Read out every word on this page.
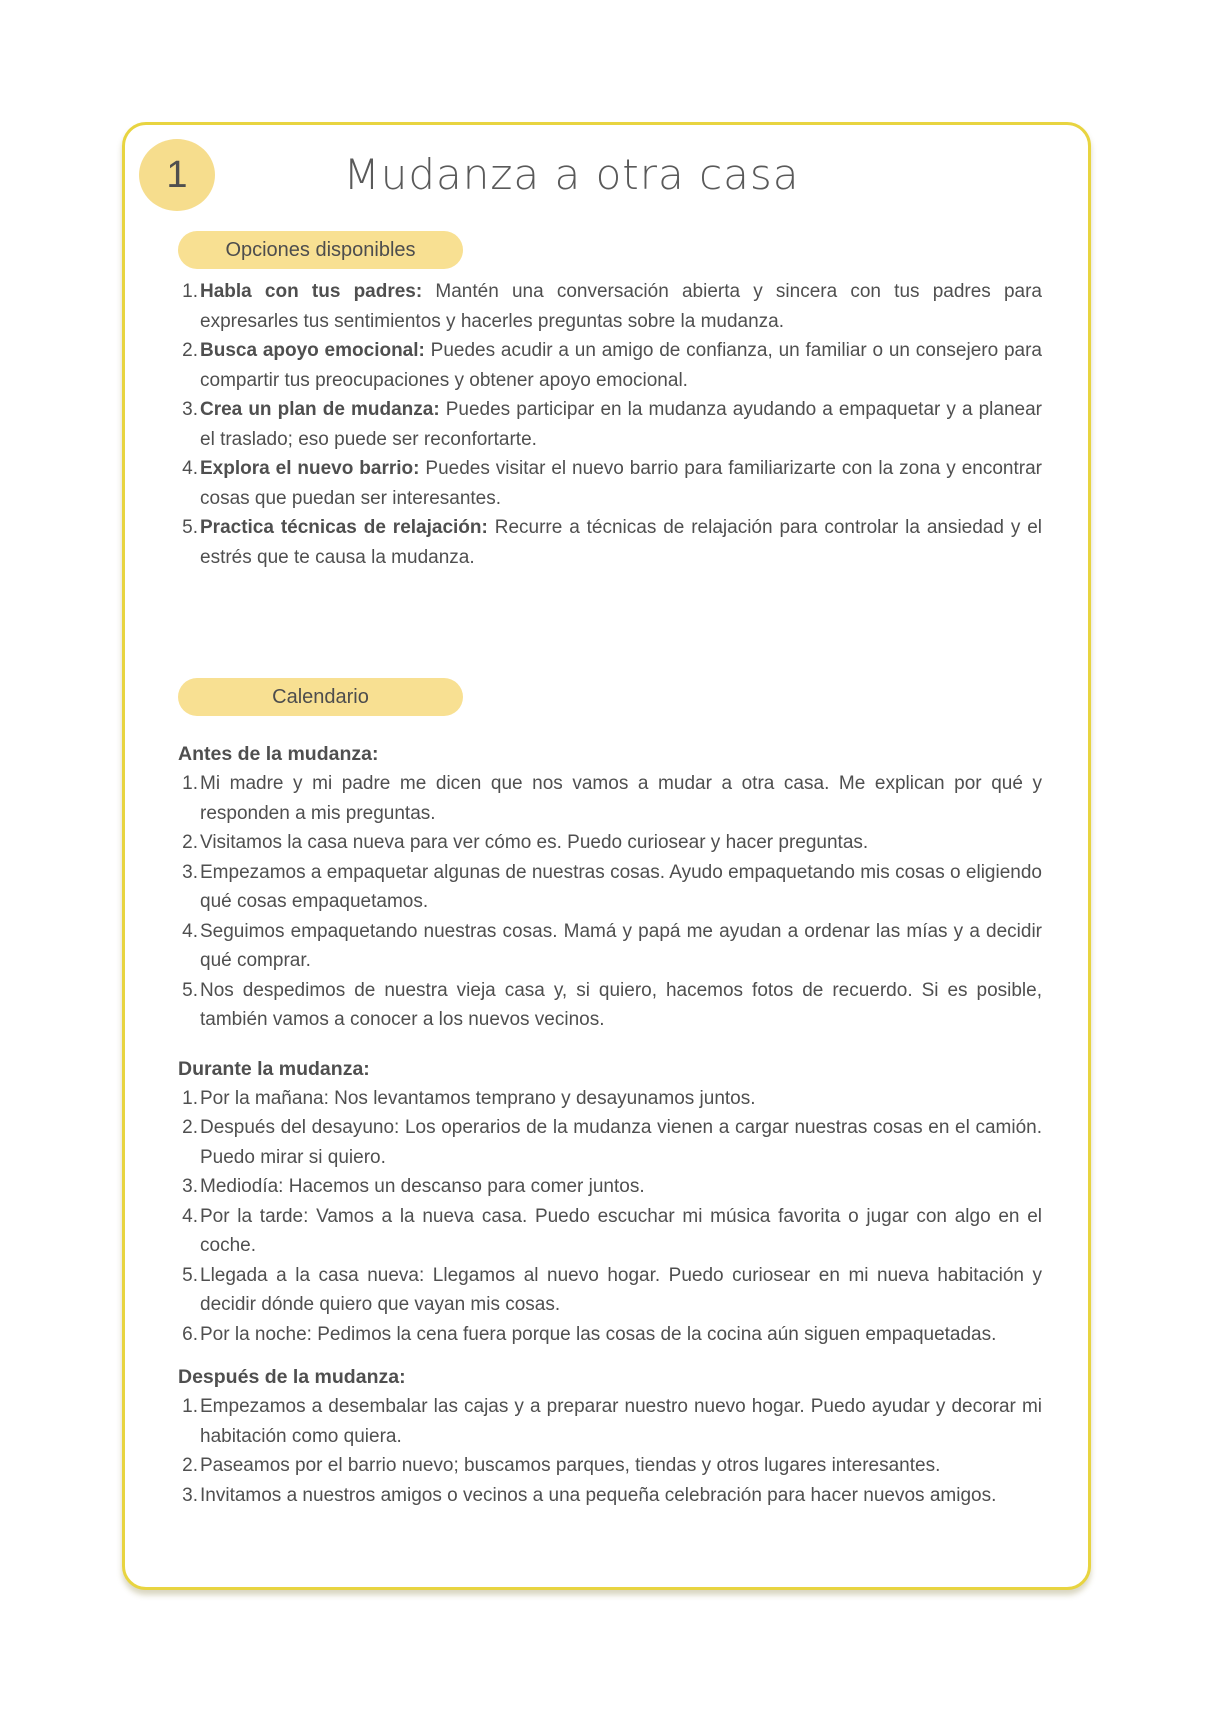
1	Mudanza a otra casa
Opciones disponibles
Habla con tus padres: Mantén una conversación abierta y sincera con tus padres para expresarles tus sentimientos y hacerles preguntas sobre la mudanza.
Busca apoyo emocional: Puedes acudir a un amigo de confianza, un familiar o un consejero para compartir tus preocupaciones y obtener apoyo emocional.
Crea un plan de mudanza: Puedes participar en la mudanza ayudando a empaquetar y a planear el traslado; eso puede ser reconfortarte.
Explora el nuevo barrio: Puedes visitar el nuevo barrio para familiarizarte con la zona y encontrar cosas que puedan ser interesantes.
Practica técnicas de relajación: Recurre a técnicas de relajación para controlar la ansiedad y el estrés que te causa la mudanza.
Calendario
Antes de la mudanza:
Mi madre y mi padre me dicen que nos vamos a mudar a otra casa. Me explican por qué y responden a mis preguntas.
Visitamos la casa nueva para ver cómo es. Puedo curiosear y hacer preguntas.
Empezamos a empaquetar algunas de nuestras cosas. Ayudo empaquetando mis cosas o eligiendo qué cosas empaquetamos.
Seguimos empaquetando nuestras cosas. Mamá y papá me ayudan a ordenar las mías y a decidir qué comprar.
Nos despedimos de nuestra vieja casa y, si quiero, hacemos fotos de recuerdo. Si es posible, también vamos a conocer a los nuevos vecinos.
Durante la mudanza:
Por la mañana: Nos levantamos temprano y desayunamos juntos.
Después del desayuno: Los operarios de la mudanza vienen a cargar nuestras cosas en el camión. Puedo mirar si quiero.
Mediodía: Hacemos un descanso para comer juntos.
Por la tarde: Vamos a la nueva casa. Puedo escuchar mi música favorita o jugar con algo en el coche.
Llegada a la casa nueva: Llegamos al nuevo hogar. Puedo curiosear en mi nueva habitación y decidir dónde quiero que vayan mis cosas.
Por la noche: Pedimos la cena fuera porque las cosas de la cocina aún siguen empaquetadas.
Después de la mudanza:
Empezamos a desembalar las cajas y a preparar nuestro nuevo hogar. Puedo ayudar y decorar mi habitación como quiera.
Paseamos por el barrio nuevo; buscamos parques, tiendas y otros lugares interesantes.
Invitamos a nuestros amigos o vecinos a una pequeña celebración para hacer nuevos amigos.
